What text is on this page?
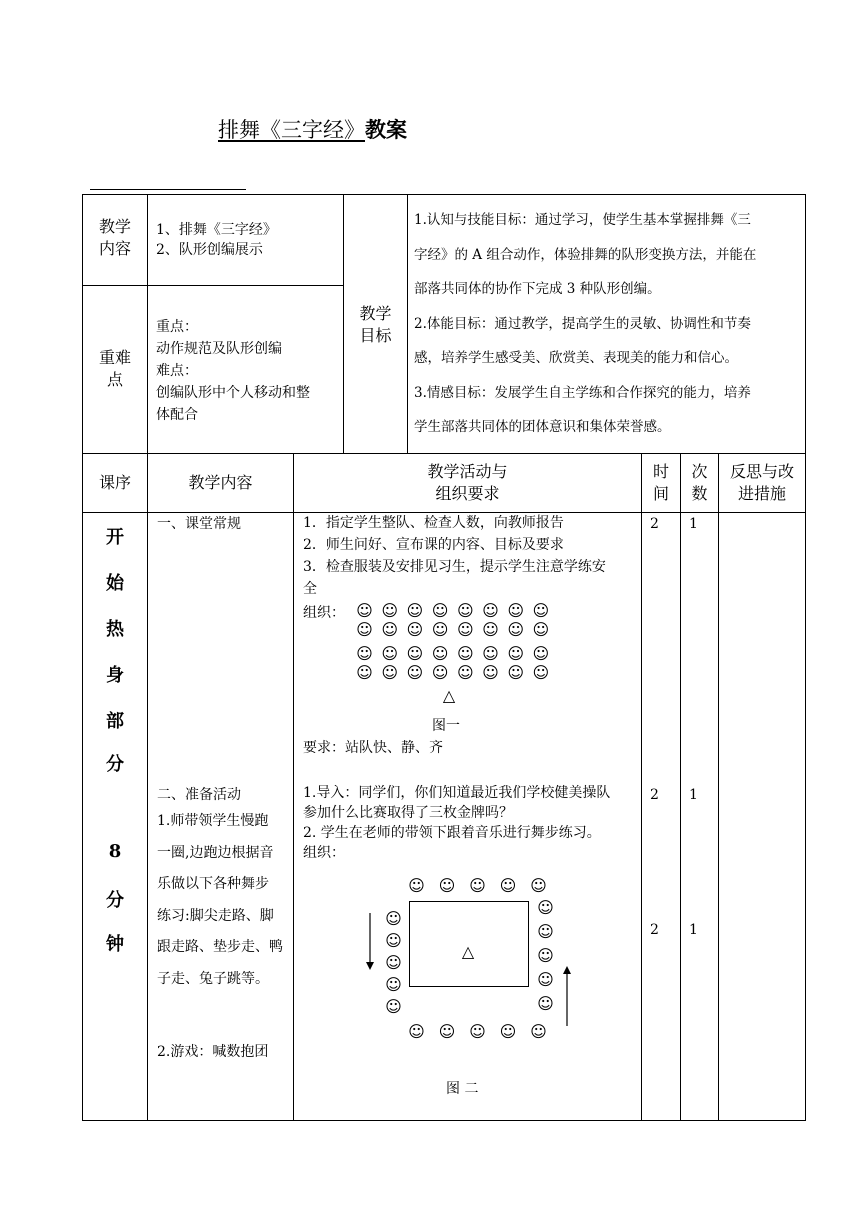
排舞《三字经》教案
教学
内容
1、排舞《三字经》
2、队形创编展示
重难
点
重点：
动作规范及队形创编
难点：
创编队形中个人移动和整
体配合
教学
目标
1.认知与技能目标：通过学习，使学生基本掌握排舞《三
字经》的 A 组合动作，体验排舞的队形变换方法，并能在
部落共同体的协作下完成 3 种队形创编。
2.体能目标：通过教学，提高学生的灵敏、协调性和节奏
感，培养学生感受美、欣赏美、表现美的能力和信心。
3.情感目标：发展学生自主学练和合作探究的能力，培养
学生部落共同体的团体意识和集体荣誉感。
课序	教学内容
教学活动与
组织要求
时
间
次
数
反思与改
进措施
开
始
热
身
部
分
8
分
钟
一、课堂常规	1．指定学生整队、检查人数，向教师报告
2．师生问好、宣布课的内容、目标及要求
3．检查服装及安排见习生，提示学生注意学练安
全
组织： ☺ ☺ ☺ ☺ ☺ ☺ ☺ ☺
☺ ☺ ☺ ☺ ☺ ☺ ☺ ☺
☺ ☺ ☺ ☺ ☺ ☺ ☺ ☺
☺ ☺ ☺ ☺ ☺ ☺ ☺ ☺
△
图一
要求：站队快、静、齐
2 1
二、准备活动
1.师带领学生慢跑
一圈,边跑边根据音
乐做以下各种舞步
练习:脚尖走路、脚
跟走路、垫步走、鸭
子走、兔子跳等。
2.游戏：喊数抱团
1.导入：同学们，你们知道最近我们学校健美操队
参加什么比赛取得了三枚金牌吗？
2. 学生在老师的带领下跟着音乐进行舞步练习。
组织：
☺ ☺ ☺ ☺ ☺
☺ ☺ ☺ ☺ ☺
☺
☺
☺
☺
☺
☺
☺
☺
☺
☺
△
图 二
2 1
2 1
